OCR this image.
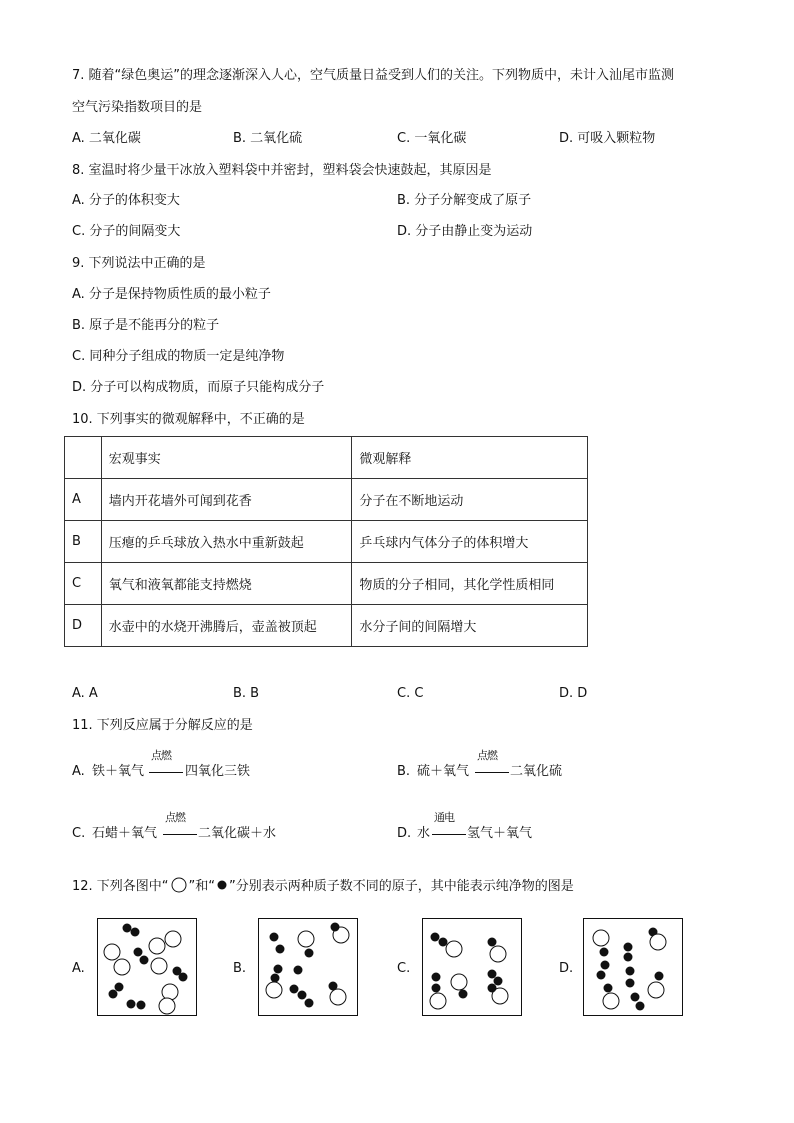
7. 随着“绿色奥运”的理念逐渐深入人心，空气质量日益受到人们的关注。下列物质中，未计入汕尾市监测
空气污染指数项目的是
A. 二氧化碳	B. 二氧化硫	C. 一氧化碳	D. 可吸入颗粒物
8. 室温时将少量干冰放入塑料袋中并密封，塑料袋会快速鼓起，其原因是
A. 分子的体积变大	B. 分子分解变成了原子
C. 分子的间隔变大	D. 分子由静止变为运动
9. 下列说法中正确的是
A. 分子是保持物质性质的最小粒子
B. 原子是不能再分的粒子
C. 同种分子组成的物质一定是纯净物
D. 分子可以构成物质，而原子只能构成分子
10. 下列事实的微观解释中，不正确的是
	宏观事实	微观解释
A	墙内开花墙外可闻到花香	分子在不断地运动
B	压瘪的乒乓球放入热水中重新鼓起	乒乓球内气体分子的体积增大
C	氧气和液氧都能支持燃烧	物质的分子相同，其化学性质相同
D	水壶中的水烧开沸腾后，壶盖被顶起	水分子间的间隔增大
A. A	B. B	C. C	D. D
11. 下列反应属于分解反应的是
A. 铁＋氧气
点燃
四氧化三铁	B. 硫＋氧气
点燃
二氧化硫
C. 石蜡＋氧气
点燃
二氧化碳＋水	D. 水
通电
氢气＋氧气
12. 下列各图中“ ”和“ ”分别表示两种质子数不同的原子，其中能表示纯净物的图是
A.	B.	C.	D.
